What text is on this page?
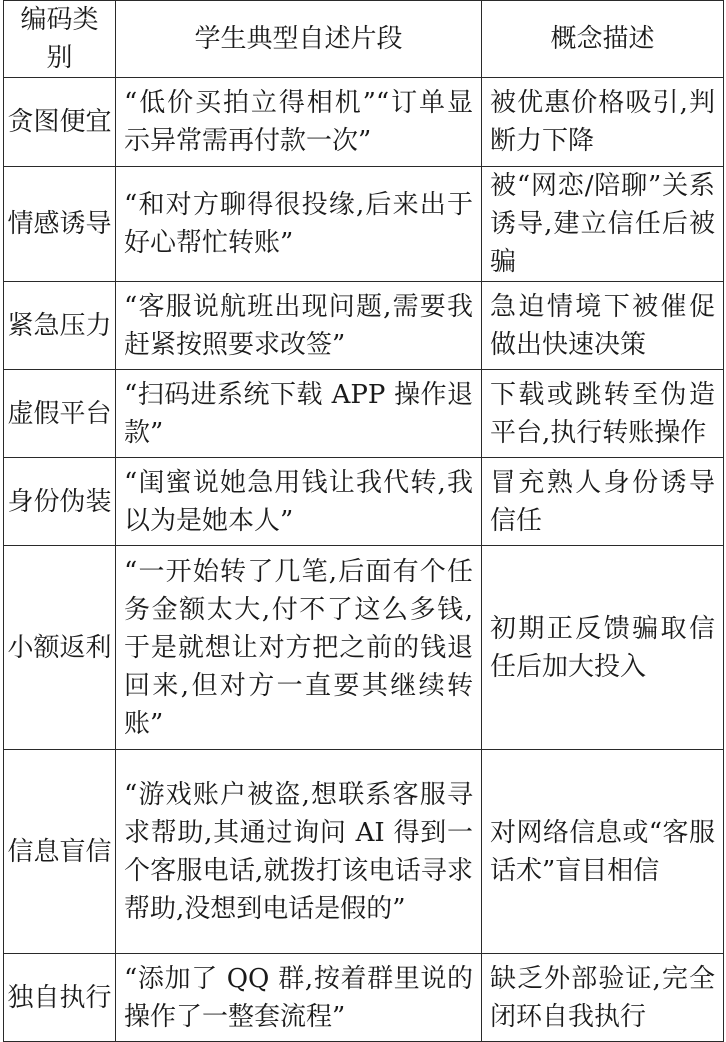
编码类别	学生典型自述片段	概念描述
贪图便宜	“低价买拍立得相机”“订单显示异常需再付款一次”	被优惠价格吸引,判断力下降
情感诱导	“和对方聊得很投缘,后来出于好心帮忙转账”	被“网恋/陪聊”关系诱导,建立信任后被骗
紧急压力	“客服说航班出现问题,需要我赶紧按照要求改签”	急迫情境下被催促做出快速决策
虚假平台	“扫码进系统下载 APP 操作退款”	下载或跳转至伪造平台,执行转账操作
身份伪装	“闺蜜说她急用钱让我代转,我以为是她本人”	冒充熟人身份诱导信任
小额返利	“一开始转了几笔,后面有个任务金额太大,付不了这么多钱,于是就想让对方把之前的钱退回来,但对方一直要其继续转账”	初期正反馈骗取信任后加大投入
信息盲信	“游戏账户被盗,想联系客服寻求帮助,其通过询问 AI 得到一个客服电话,就拨打该电话寻求帮助,没想到电话是假的”	对网络信息或“客服话术”盲目相信
独自执行	“添加了 QQ 群,按着群里说的操作了一整套流程”	缺乏外部验证,完全闭环自我执行
